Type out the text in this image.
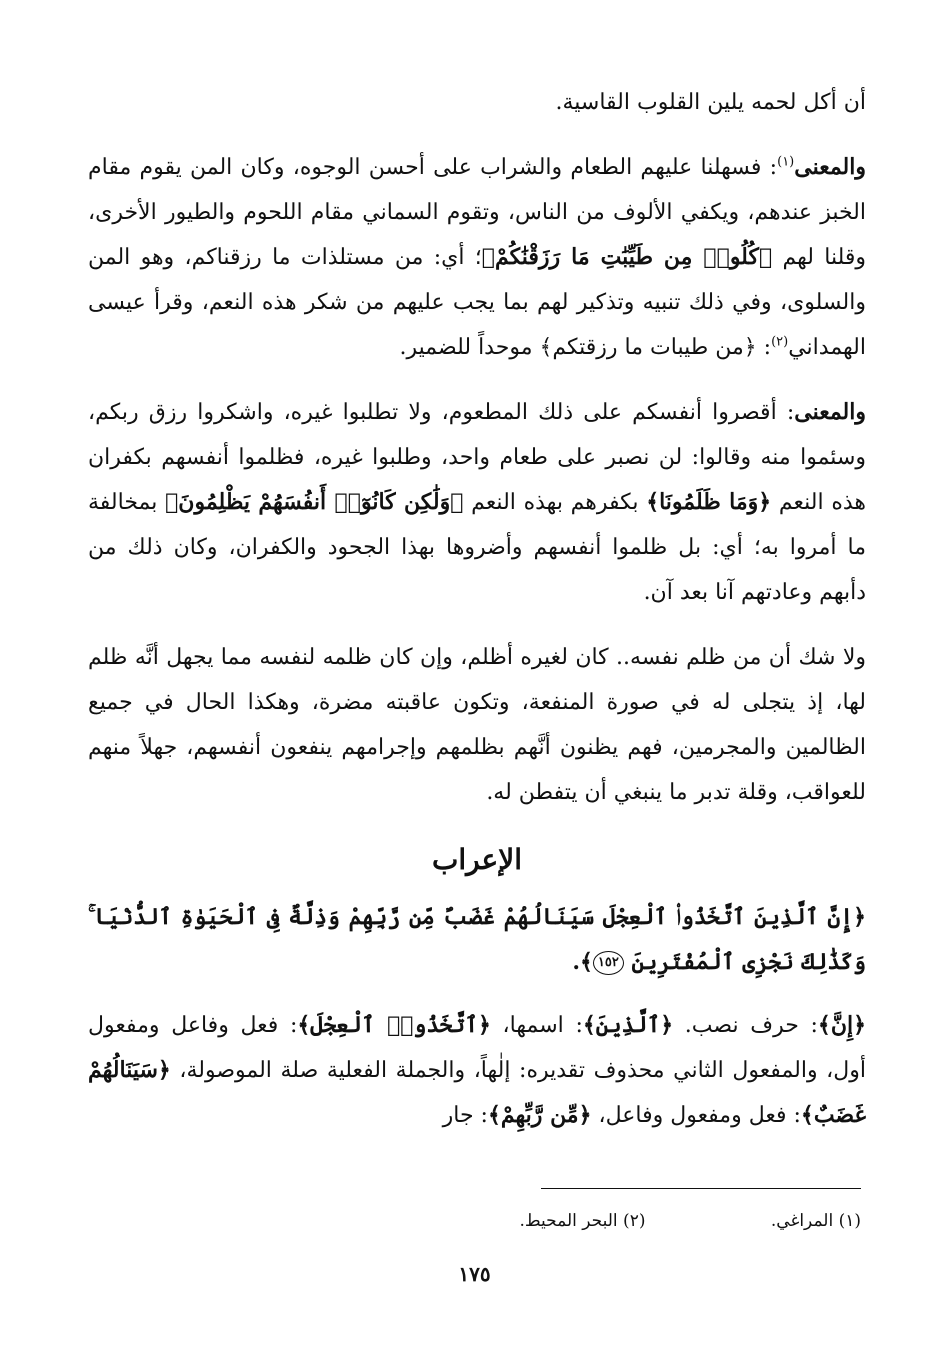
أن أكل لحمه يلين القلوب القاسية.

والمعنى$^{(١)}$: فسهلنا عليهم الطعام والشراب على أحسن الوجوه، وكان المن يقوم مقام الخبز عندهم، ويكفي الألوف من الناس، وتقوم السماني مقام اللحوم والطيور الأخرى، وقلنا لهم ﴿كُلُوا۟ مِن طَيِّبَٰتِ مَا رَزَقْنَٰكُمْ﴾؛ أي: من مستلذات ما رزقناكم، وهو المن والسلوى، وفي ذلك تنبيه وتذكير لهم بما يجب عليهم من شكر هذه النعم، وقرأ عيسى الهمداني$^{(٢)}$: ﴿من طيبات ما رزقتكم﴾ موحداً للضمير.

والمعنى: أقصروا أنفسكم على ذلك المطعوم، ولا تطلبوا غيره، واشكروا رزق ربكم، وسئموا منه وقالوا: لن نصبر على طعام واحد، وطلبوا غيره، فظلموا أنفسهم بكفران هذه النعم ﴿وَمَا ظَلَمُونَا﴾ بكفرهم بهذه النعم ﴿وَلَٰكِن كَانُوٓا۟ أَنفُسَهُمْ يَظْلِمُونَ﴾ بمخالفة ما أمروا به؛ أي: بل ظلموا أنفسهم وأضروها بهذا الجحود والكفران، وكان ذلك من دأبهم وعادتهم آنا بعد آن.

ولا شك أن من ظلم نفسه.. كان لغيره أظلم، وإن كان ظلمه لنفسه مما يجهل أنَّه ظلم لها، إذ يتجلى له في صورة المنفعة، وتكون عاقبته مضرة، وهكذا الحال في جميع الظالمين والمجرمين، فهم يظنون أنَّهم بظلمهم وإجرامهم ينفعون أنفسهم، جهلاً منهم للعواقب، وقلة تدبر ما ينبغي أن يتفطن له.

الإعراب

﴿إِنَّ ٱلَّذِينَ ٱتَّخَذُوا۟ ٱلْعِجْلَ سَيَنَالُهُمْ غَضَبٌ مِّن رَّبِّهِمْ وَذِلَّةٌ فِى ٱلْحَيَوٰةِ ٱلدُّنْيَا ۚ وَكَذَٰلِكَ نَجْزِى ٱلْمُفْتَرِينَ ١٥٢﴾.

﴿إِنَّ﴾: حرف نصب. ﴿ٱلَّذِينَ﴾: اسمها، ﴿ٱتَّخَذُوا۟ ٱلْعِجْلَ﴾: فعل وفاعل ومفعول أول، والمفعول الثاني محذوف تقديره: إلٰهاً، والجملة الفعلية صلة الموصولة، ﴿سَيَنَالُهُمْ غَضَبٌ﴾: فعل ومفعول وفاعل، ﴿مِّن رَّبِّهِمْ﴾: جار

(١) المراغي. (٢) البحر المحيط.
١٧٥
